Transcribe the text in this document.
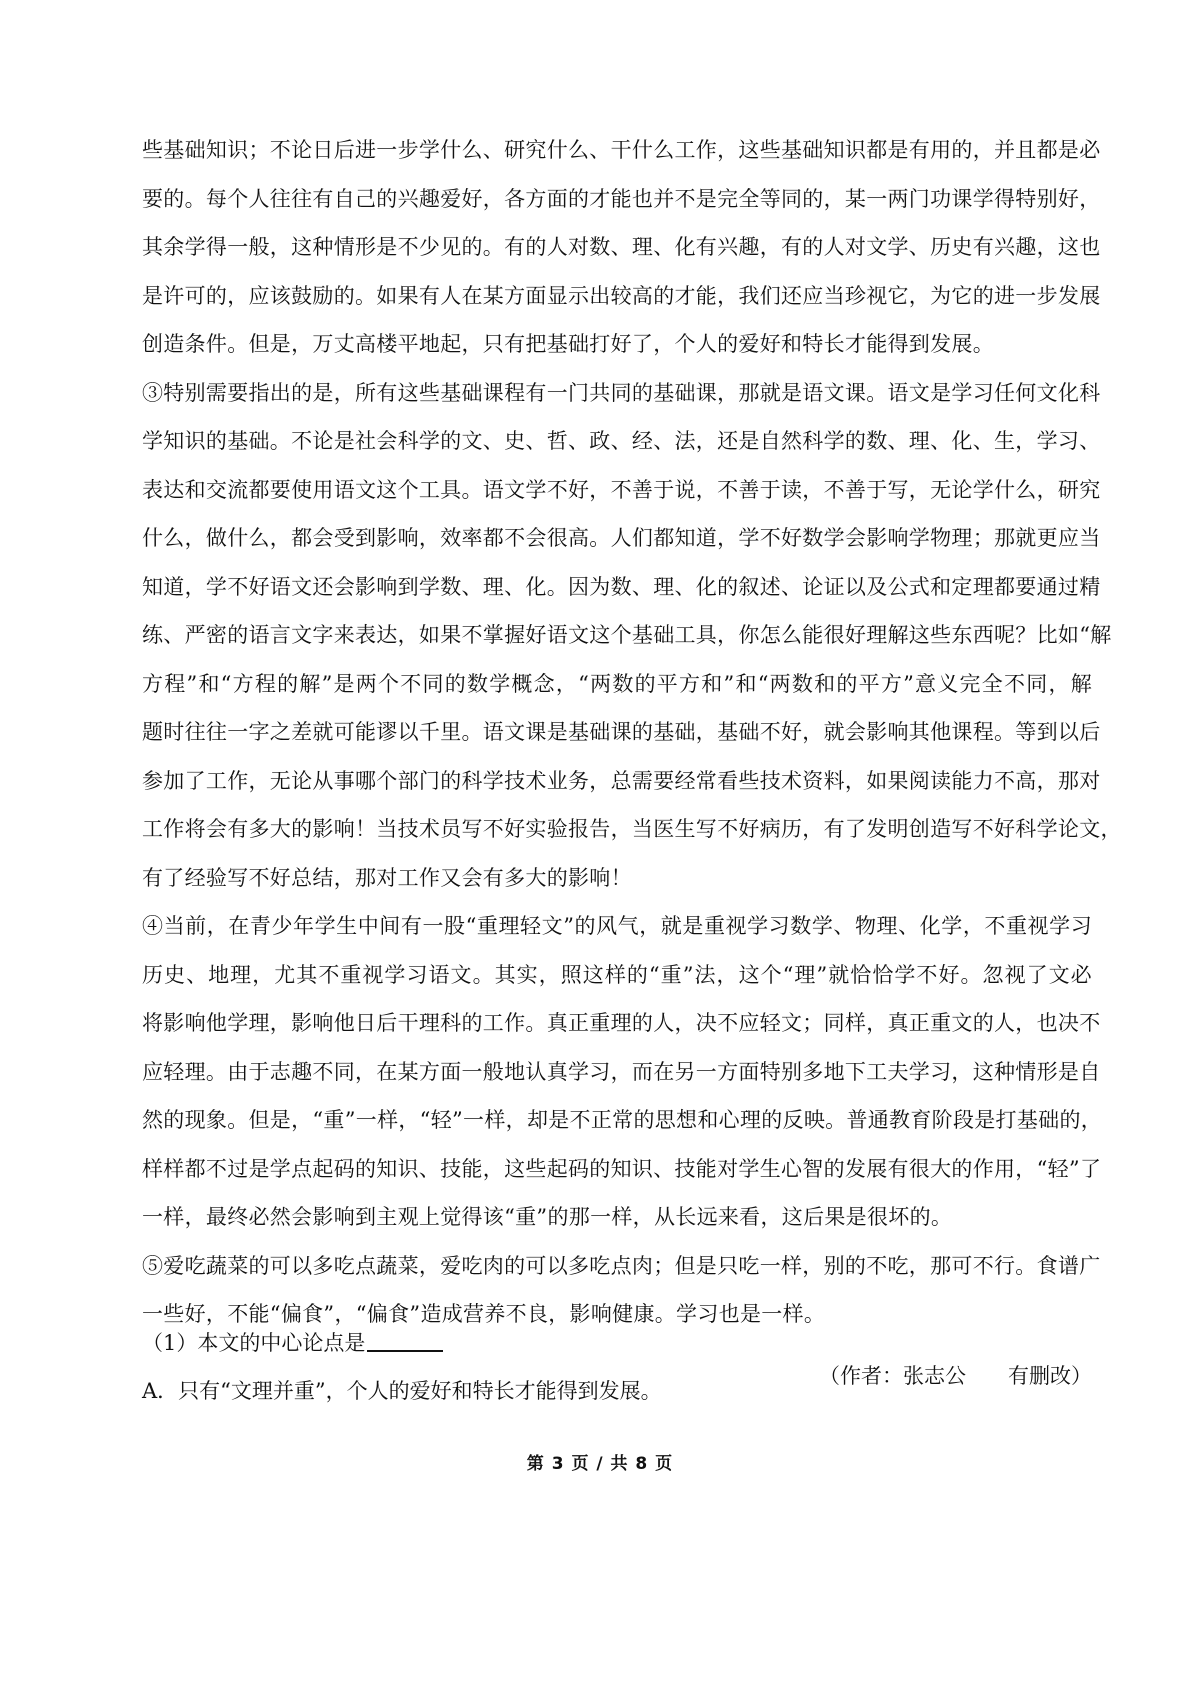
些基础知识；不论日后进一步学什么、研究什么、干什么工作，这些基础知识都是有用的，并且都是必
要的。每个人往往有自己的兴趣爱好，各方面的才能也并不是完全等同的，某一两门功课学得特别好，
其余学得一般，这种情形是不少见的。有的人对数、理、化有兴趣，有的人对文学、历史有兴趣，这也
是许可的，应该鼓励的。如果有人在某方面显示出较高的才能，我们还应当珍视它，为它的进一步发展
创造条件。但是，万丈高楼平地起，只有把基础打好了，个人的爱好和特长才能得到发展。
③特别需要指出的是，所有这些基础课程有一门共同的基础课，那就是语文课。语文是学习任何文化科
学知识的基础。不论是社会科学的文、史、哲、政、经、法，还是自然科学的数、理、化、生，学习、
表达和交流都要使用语文这个工具。语文学不好，不善于说，不善于读，不善于写，无论学什么，研究
什么，做什么，都会受到影响，效率都不会很高。人们都知道，学不好数学会影响学物理；那就更应当
知道，学不好语文还会影响到学数、理、化。因为数、理、化的叙述、论证以及公式和定理都要通过精
练、严密的语言文字来表达，如果不掌握好语文这个基础工具，你怎么能很好理解这些东西呢？比如“解
方程”和“方程的解”是两个不同的数学概念，“两数的平方和”和“两数和的平方”意义完全不同，解
题时往往一字之差就可能谬以千里。语文课是基础课的基础，基础不好，就会影响其他课程。等到以后
参加了工作，无论从事哪个部门的科学技术业务，总需要经常看些技术资料，如果阅读能力不高，那对
工作将会有多大的影响！当技术员写不好实验报告，当医生写不好病历，有了发明创造写不好科学论文，
有了经验写不好总结，那对工作又会有多大的影响！
④当前，在青少年学生中间有一股“重理轻文”的风气，就是重视学习数学、物理、化学，不重视学习
历史、地理，尤其不重视学习语文。其实，照这样的“重”法，这个“理”就恰恰学不好。忽视了文必
将影响他学理，影响他日后干理科的工作。真正重理的人，决不应轻文；同样，真正重文的人，也决不
应轻理。由于志趣不同，在某方面一般地认真学习，而在另一方面特别多地下工夫学习，这种情形是自
然的现象。但是，“重”一样，“轻”一样，却是不正常的思想和心理的反映。普通教育阶段是打基础的，
样样都不过是学点起码的知识、技能，这些起码的知识、技能对学生心智的发展有很大的作用，“轻”了
一样，最终必然会影响到主观上觉得该“重”的那一样，从长远来看，这后果是很坏的。
⑤爱吃蔬菜的可以多吃点蔬菜，爱吃肉的可以多吃点肉；但是只吃一样，别的不吃，那可不行。食谱广
一些好，不能“偏食”，“偏食”造成营养不良，影响健康。学习也是一样。
（作者：张志公　　有删改）
（1）本文的中心论点是
A．只有“文理并重”，个人的爱好和特长才能得到发展。
第 3 页 / 共 8 页
